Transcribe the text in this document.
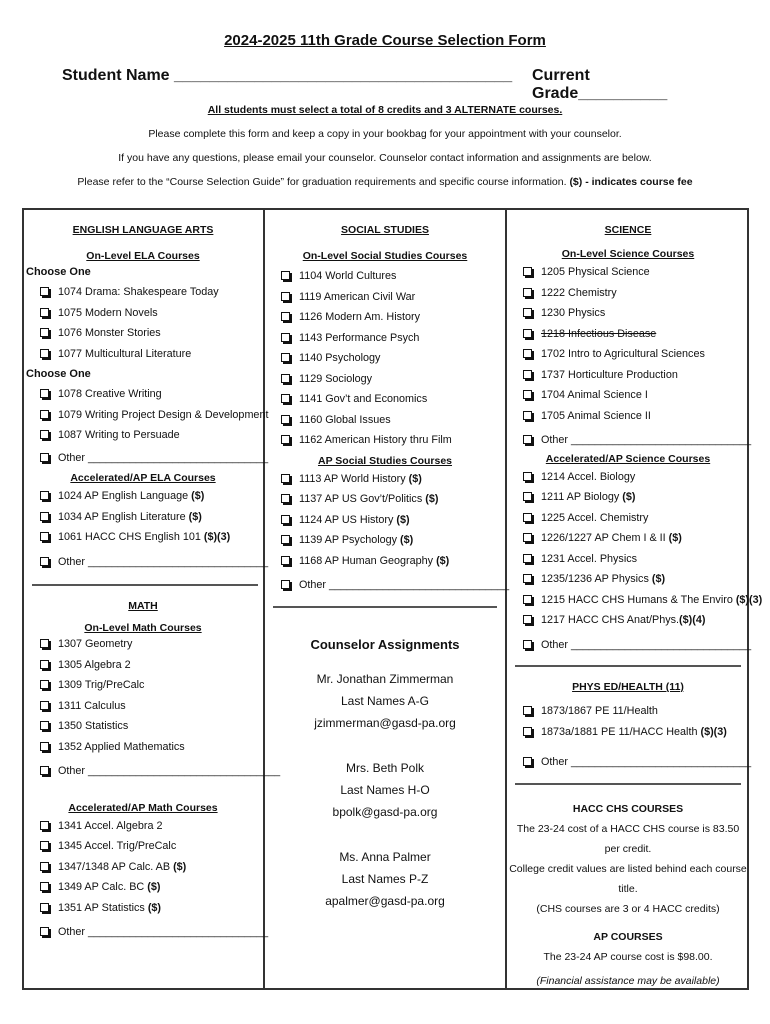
2024-2025 11th Grade Course Selection Form
Student Name ______________________________________ Current Grade__________
All students must select a total of 8 credits and 3 ALTERNATE courses.
Please complete this form and keep a copy in your bookbag for your appointment with your counselor.
If you have any questions, please email your counselor. Counselor contact information and assignments are below.
Please refer to the “Course Selection Guide” for graduation requirements and specific course information. ($) - indicates course fee
ENGLISH LANGUAGE ARTS
On-Level ELA Courses
Choose One
1074 Drama: Shakespeare Today
1075 Modern Novels
1076 Monster Stories
1077 Multicultural Literature
Choose One
1078 Creative Writing
1079 Writing Project Design & Development
1087 Writing to Persuade
Other ______________________________
Accelerated/AP ELA Courses
1024 AP English Language ($)
1034 AP English Literature ($)
1061 HACC CHS English 101 ($)(3)
Other ______________________________
MATH
On-Level Math Courses
1307 Geometry
1305 Algebra 2
1309 Trig/PreCalc
1311 Calculus
1350 Statistics
1352 Applied Mathematics
Other ________________________________
Accelerated/AP Math Courses
1341 Accel. Algebra 2
1345 Accel. Trig/PreCalc
1347/1348 AP Calc. AB ($)
1349 AP Calc. BC ($)
1351 AP Statistics ($)
Other ______________________________
SOCIAL STUDIES
On-Level Social Studies Courses
1104 World Cultures
1119 American Civil War
1126 Modern Am. History
1143 Performance Psych
1140 Psychology
1129 Sociology
1141 Gov’t and Economics
1160 Global Issues
1162 American History thru Film
AP Social Studies Courses
1113 AP World History ($)
1137 AP US Gov’t/Politics ($)
1124 AP US History ($)
1139 AP Psychology ($)
1168 AP Human Geography ($)
Other ______________________________
Counselor Assignments
Mr. Jonathan Zimmerman
Last Names A-G
jzimmerman@gasd-pa.org
Mrs. Beth Polk
Last Names H-O
bpolk@gasd-pa.org
Ms. Anna Palmer
Last Names P-Z
apalmer@gasd-pa.org
SCIENCE
On-Level Science Courses
1205 Physical Science
1222 Chemistry
1230 Physics
1218 Infectious Disease
1702 Intro to Agricultural Sciences
1737 Horticulture Production
1704 Animal Science I
1705 Animal Science II
Other ______________________________
Accelerated/AP Science Courses
1214 Accel. Biology
1211 AP Biology ($)
1225 Accel. Chemistry
1226/1227 AP Chem I & II ($)
1231 Accel. Physics
1235/1236 AP Physics ($)
1215 HACC CHS Humans & The Enviro ($)(3)
1217 HACC CHS Anat/Phys.($)(4)
Other ______________________________
PHYS ED/HEALTH (11)
1873/1867 PE 11/Health
1873a/1881 PE 11/HACC Health ($)(3)
Other ______________________________
HACC CHS COURSES
The 23-24 cost of a HACC CHS course is 83.50 per credit.
College credit values are listed behind each course title.
(CHS courses are 3 or 4 HACC credits)
AP COURSES
The 23-24 AP course cost is $98.00.
(Financial assistance may be available)
